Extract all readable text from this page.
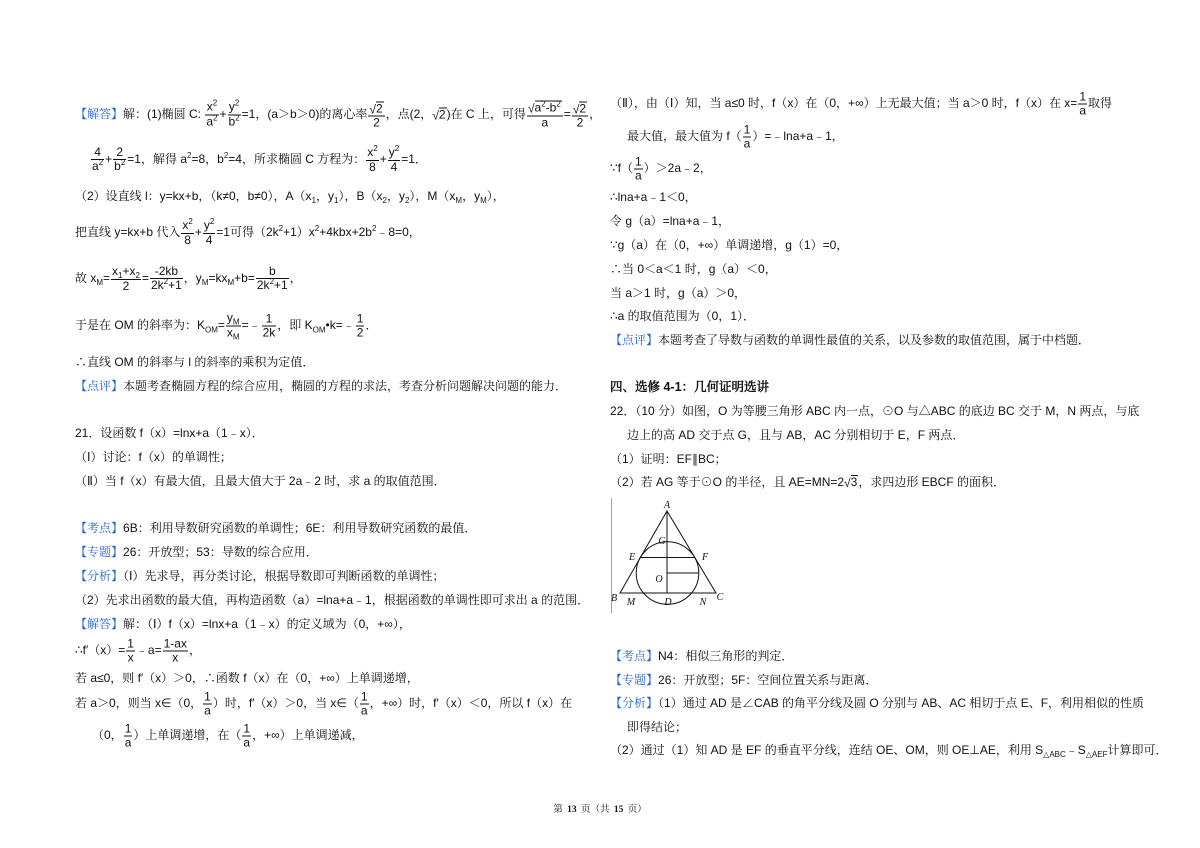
【解答】解：(1)椭圆 C: $\frac{x^2}{a^2} + \frac{y^2}{b^2} =1$，(a＞b＞0)的离心率 $\frac{√2}{2}$ ，点(2，√2)在 C 上，可得 $\frac{√a^2-b^2}{a} = \frac{√2}{2}$ ，
$\frac{4}{a^2} + \frac{2}{b^2} =1$，解得 $a^2=8$，$b^2=4$，所求椭圆 C 方程为： $\frac{x^2}{8} + \frac{y^2}{4} =1$．
（2）设直线 l：y=kx+b，（k≠0，b≠0），$A(x_1$，$y_1$），$B(x_2$，$y_2$），$M(x_M$，$y_M$），
把直线 y=kx+b 代入 $\frac{x^2}{8} + \frac{y^2}{4} =1$可得$(2k^2+1)x^2+4kbx+2b^2﹣8=0$，
故 $x_M= \frac{x_1+x_2}{2} = \frac{-2kb}{2k^2+1}$ ，$y_M=kx_M+b= \frac{b}{2k^2+1}$ ，
于是在 OM 的斜率为：$K_{OM}= \frac{y_M}{x_M}$ =﹣ $\frac{1}{2k}$ ，即 $K_{OM}•k=﹣ \frac{1}{2}$ ．
∴直线 OM 的斜率与 l 的斜率的乘积为定值．
【点评】本题考查椭圆方程的综合应用，椭圆的方程的求法，考查分析问题解决问题的能力．
21．设函数 f（x）=lnx+a（1﹣x）．
（Ⅰ）讨论：f（x）的单调性；
（Ⅱ）当 f（x）有最大值，且最大值大于 2a﹣2 时，求 a 的取值范围．
【考点】6B：利用导数研究函数的单调性；6E：利用导数研究函数的最值．
【专题】26：开放型；53：导数的综合应用．
【分析】（Ⅰ）先求导，再分类讨论，根据导数即可判断函数的单调性；
（2）先求出函数的最大值，再构造函数（a）=lna+a﹣1，根据函数的单调性即可求出 a 的范围．
【解答】解：（Ⅰ）f（x）=lnx+a（1﹣x）的定义域为（0，+∞），
∴f′（x）= $\frac{1}{x}$ ﹣a= $\frac{1-ax}{x}$ ，
若 a≤0，则 f′（x）＞0，∴函数 f（x）在（0，+∞）上单调递增，
若 a＞0，则当 x∈（0， $\frac{1}{a}$ ）时，f′（x）＞0，当 x∈（ $\frac{1}{a}$ ，+∞）时，f′（x）＜0，所以 f（x）在
（0， $\frac{1}{a}$ ）上单调递增，在（ $\frac{1}{a}$ ，+∞）上单调递减，
（Ⅱ），由（Ⅰ）知，当 a≤0 时，f（x）在（0，+∞）上无最大值；当 a＞0 时，f（x）在 $x= \frac{1}{a}$ 取得
最大值，最大值为 $f( \frac{1}{a}$ ）=﹣lna+a﹣1，
∵f（ $\frac{1}{a}$ ）＞2a﹣2，
∴lna+a﹣1＜0，
令 g（a）=lna+a﹣1，
∵g（a）在（0，+∞）单调递增，g（1）=0，
∴当 0＜a＜1 时，g（a）＜0，
当 a＞1 时，g（a）＞0，
∴a 的取值范围为（0，1）．
【点评】本题考查了导数与函数的单调性最值的关系，以及参数的取值范围，属于中档题．
四、选修 4-1：几何证明选讲
22．（10 分）如图，O 为等腰三角形 ABC 内一点，⊙O 与△ABC 的底边 BC 交于 M，N 两点，与底
边上的高 AD 交于点 G，且与 AB，AC 分别相切于 E，F 两点．
（1）证明：EF∥BC；
（2）若 AG 等于⊙O 的半径，且 AE=MN=2√3，求四边形 EBCF 的面积．
【考点】N4：相似三角形的判定．
【专题】26：开放型；5F：空间位置关系与距离．
【分析】（1）通过 AD 是∠CAB 的角平分线及圆 O 分别与 AB、AC 相切于点 E、F，利用相似的性质
即得结论；
（2）通过（1）知 AD 是 EF 的垂直平分线，连结 OE、OM，则 OE⊥AE，利用 $S_{\triangle ABC}﹣S_{\triangle AEF}$计算即可．
A
G
E	F
O
B M	D	N C
第 13 页（共 15 页）
